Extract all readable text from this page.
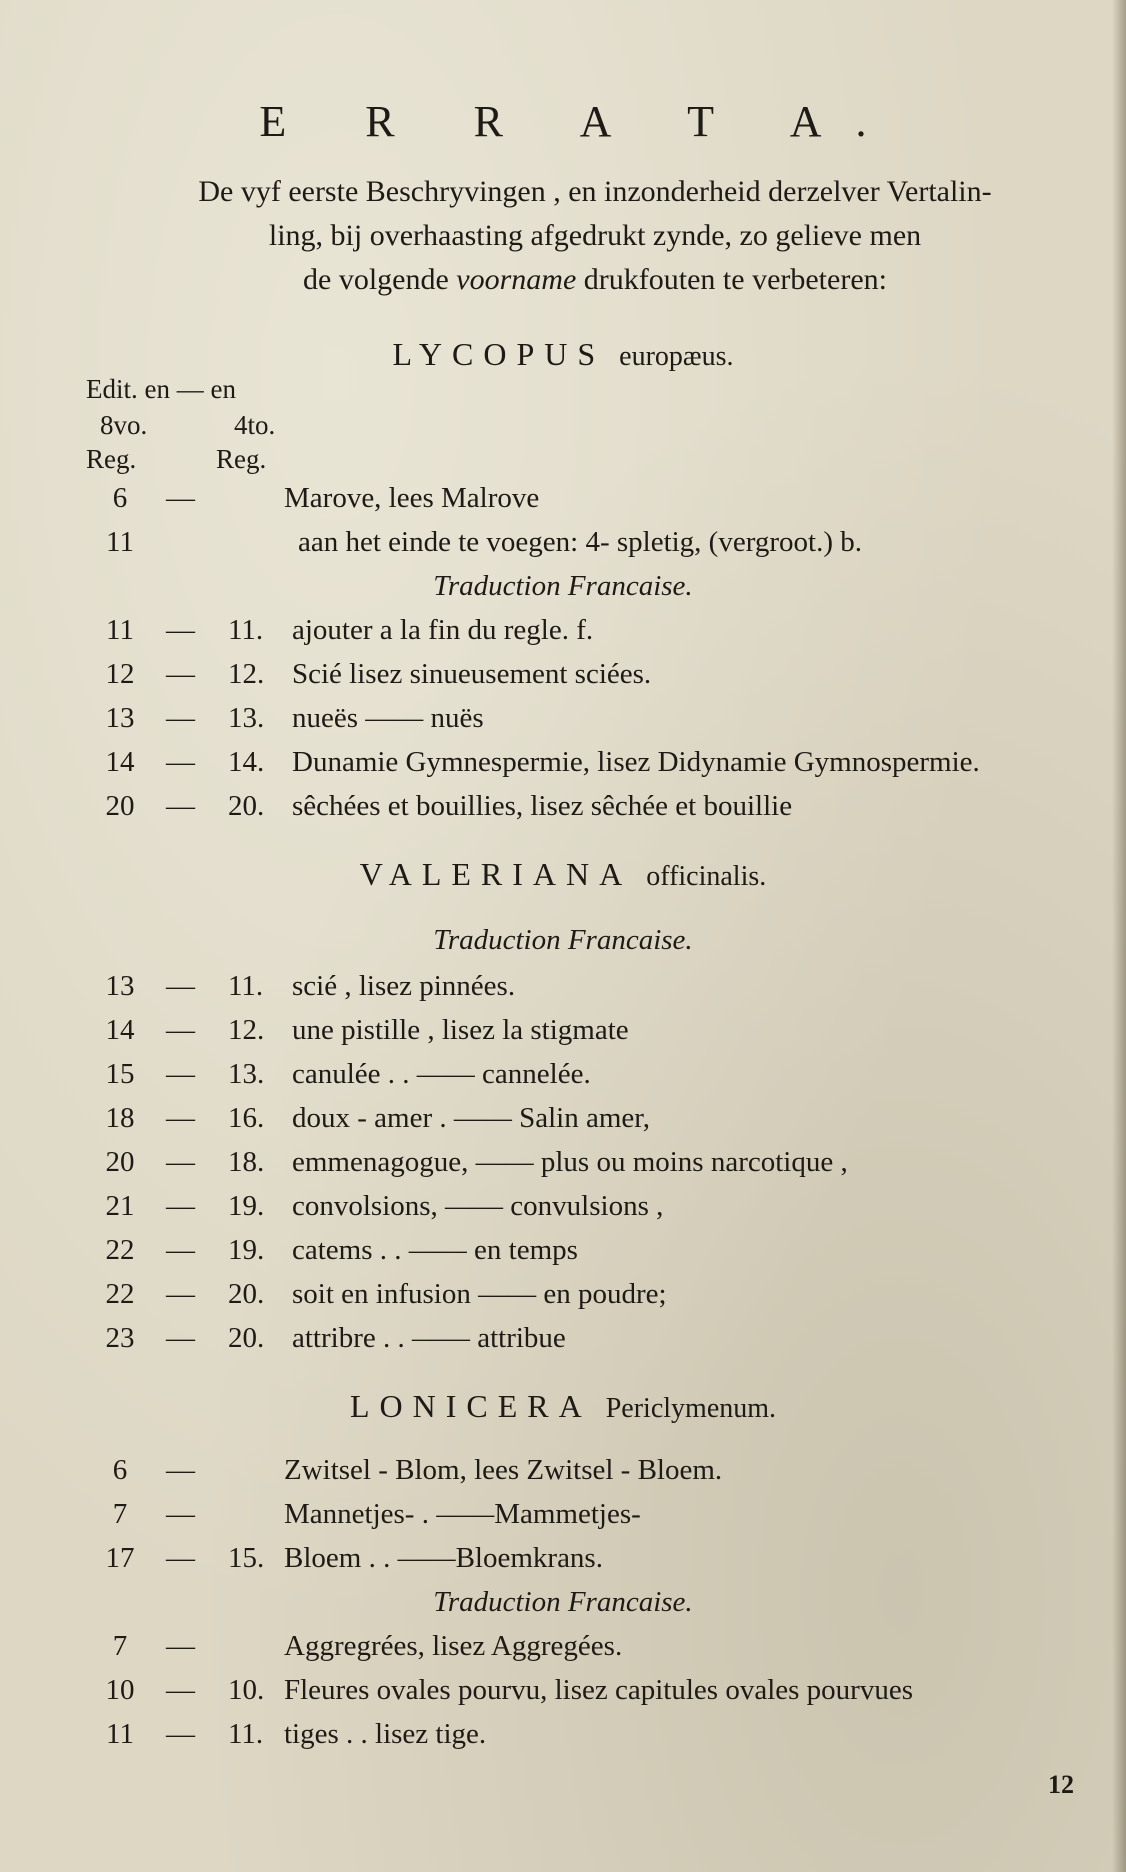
E R R A T A.
De vyf eerste Beschryvingen , en inzonderheid derzelver Vertalin-
ling, bij overhaasting afgedrukt zynde, zo gelieve men
de volgende voorname drukfouten te verbeteren:
LYCOPUS europæus.
Edit. en — en
8vo.	4to.
Reg.	Reg.
6	—	Marove, lees Malrove
11	aan het einde te voegen: 4- spletig, (vergroot.) b.
Traduction Francaise.
11	—	11. ajouter a la fin du regle. f.
12	—	12. Scié lisez sinueusement sciées.
13	—	13. nueës —— nuës
14	—	14. Dunamie Gymnespermie, lisez Didynamie Gymnospermie.
20	—	20. sêchées et bouillies, lisez sêchée et bouillie
VALERIANA officinalis.
Traduction Francaise.
13	—	11. scié , lisez pinnées.
14	—	12. une pistille , lisez la stigmate
15	—	13. canulée . . —— cannelée.
18	—	16. doux - amer . —— Salin amer,
20	—	18. emmenagogue, —— plus ou moins narcotique ,
21	—	19. convolsions, —— convulsions ,
22	—	19. catems . . —— en temps
22	—	20. soit en infusion —— en poudre;
23	—	20. attribre . . —— attribue
LONICERA Periclymenum.
6	—	Zwitsel - Blom, lees Zwitsel - Bloem.
7	—	Mannetjes- . ——Mammetjes-
17	—	15. Bloem . . ——Bloemkrans.
Traduction Francaise.
7	—	Aggregrées, lisez Aggregées.
10	—	10. Fleures ovales pourvu, lisez capitules ovales pourvues
11	—	11. tiges . . lisez tige.
12
